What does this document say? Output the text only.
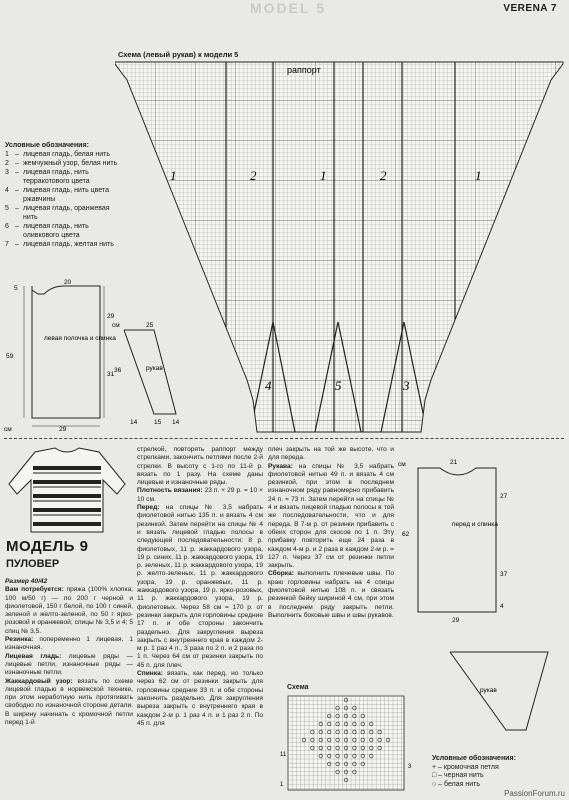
MODEL 5	VERENA 7
Схема (левый рукав) к модели 5
раппорт
1	2	1	2	1
4	5	3
Условные обозначения:
1 – лицевая гладь, белая нить
2 – жемчужный узор, белая нить
3 – лицевая гладь, нить терракотового цвета
4 – лицевая гладь, нить цвета ржавчины
5 – лицевая гладь, оранжевая нить
6 – лицевая гладь, нить оливкового цвета
7 – лицевая гладь, желтая нить
5
20
59
29
31
29
см
левая полочка и спинка
25
см
36	рукав
14	15 14
МОДЕЛЬ 9
ПУЛОВЕР
Размер 40/42
Вам потребуется: пряжа (100% хлопка; 100 м/50 г) — по 200 г черной и фиолетовой, 150 г белой, по 100 г синей, зеленой и желто-зеленой, по 50 г ярко-розовой и оранжевой; спицы № 3,5 и 4; 5 спиц № 3,5.
Резинка: попеременно 1 лицевая, 1 изнаночная.
Лицевая гладь: лицевые ряды — лицевые петли, изнаночные ряды — изнаночные петли.
Жаккардовый узор: вязать по схеме лицевой гладью в норвежской технике, при этом неработную нить протягивать свободно по изнаночной стороне детали. В ширину начинать с кромочной петли перед 1-й
стрелкой, повторять раппорт между стрелками, закончить петлями после 2-й стрелки. В высоту с 1-го по 11-й р. вязать по 1 разу. На схеме даны лицевые и изнаночные ряды.
Плотность вязания: 23 п. × 29 р. = 10 × 10 см.
Перед: на спицы № 3,5 набрать фиолетовой нитью 135 п. и вязать 4 см резинкой. Затем перейти на спицы № 4 и вязать лицевой гладью полосы в следующей последовательности: 8 р. фиолетовых, 11 р. жаккардового узора, 19 р. синих, 11 р. жаккардового узора, 19 р. зеленых, 11 р. жаккардового узора, 19 р. желто-зеленых, 11 р. жаккардового узора, 19 р. оранжевых, 11 р. жаккардового узора, 19 р. ярко-розовых, 11 р. жаккардового узора, 19 р. фиолетовых. Через 58 см = 170 р. от резинки закрыть для горловины средние 17 п. и обе стороны закончить раздельно. Для закругления выреза закрыть с внутреннего края в каждом 2-м р. 1 раз 4 п., 3 раза по 2 п. и 2 раза по 1 п. Через 64 см от резинки закрыть по 45 п. для плеч.
Спинка: вязать, как перед, но только через 62 см от резинки закрыть для горловины средние 33 п. и обе стороны закончить раздельно. Для закругления выреза закрыть с внутреннего края в каждом 2-м р. 1 раз 4 п. и 1 раз 2 п. По 45 п. для
плеч закрыть на той же высоте, что и для переда.
Рукава: на спицы № 3,5 набрать фиолетовой нитью 49 п. и вязать 4 см резинкой, при этом в последнем изнаночном ряду равномерно прибавить 24 п. = 73 п. Затем перейти на спицы № 4 и вязать лицевой гладью полосы в той же последовательности, что и для переда. В 7-м р. от резинки прибавить с обеих сторон для скосов по 1 п. Эту прибавку повторить еще 24 раза в каждом 4-м р. и 2 раза в каждом 2-м р. = 127 п. Через 37 см от резинки петли закрыть.
Сборка: выполнить плечевые швы. По краю горловины набрать на 4 спицы фиолетовой нитью 108 п. и связать резинкой бейку шириной 4 см, при этом в последнем ряду закрыть петли. Выполнить боковые швы и швы рукавов.
см	21
27
62
37
4
29
перед и спинка
рукав
Схема
3
11
1
Условные обозначения:
+ – кромочная петля
□ – черная нить
○ – белая нить
PassionForum.ru
